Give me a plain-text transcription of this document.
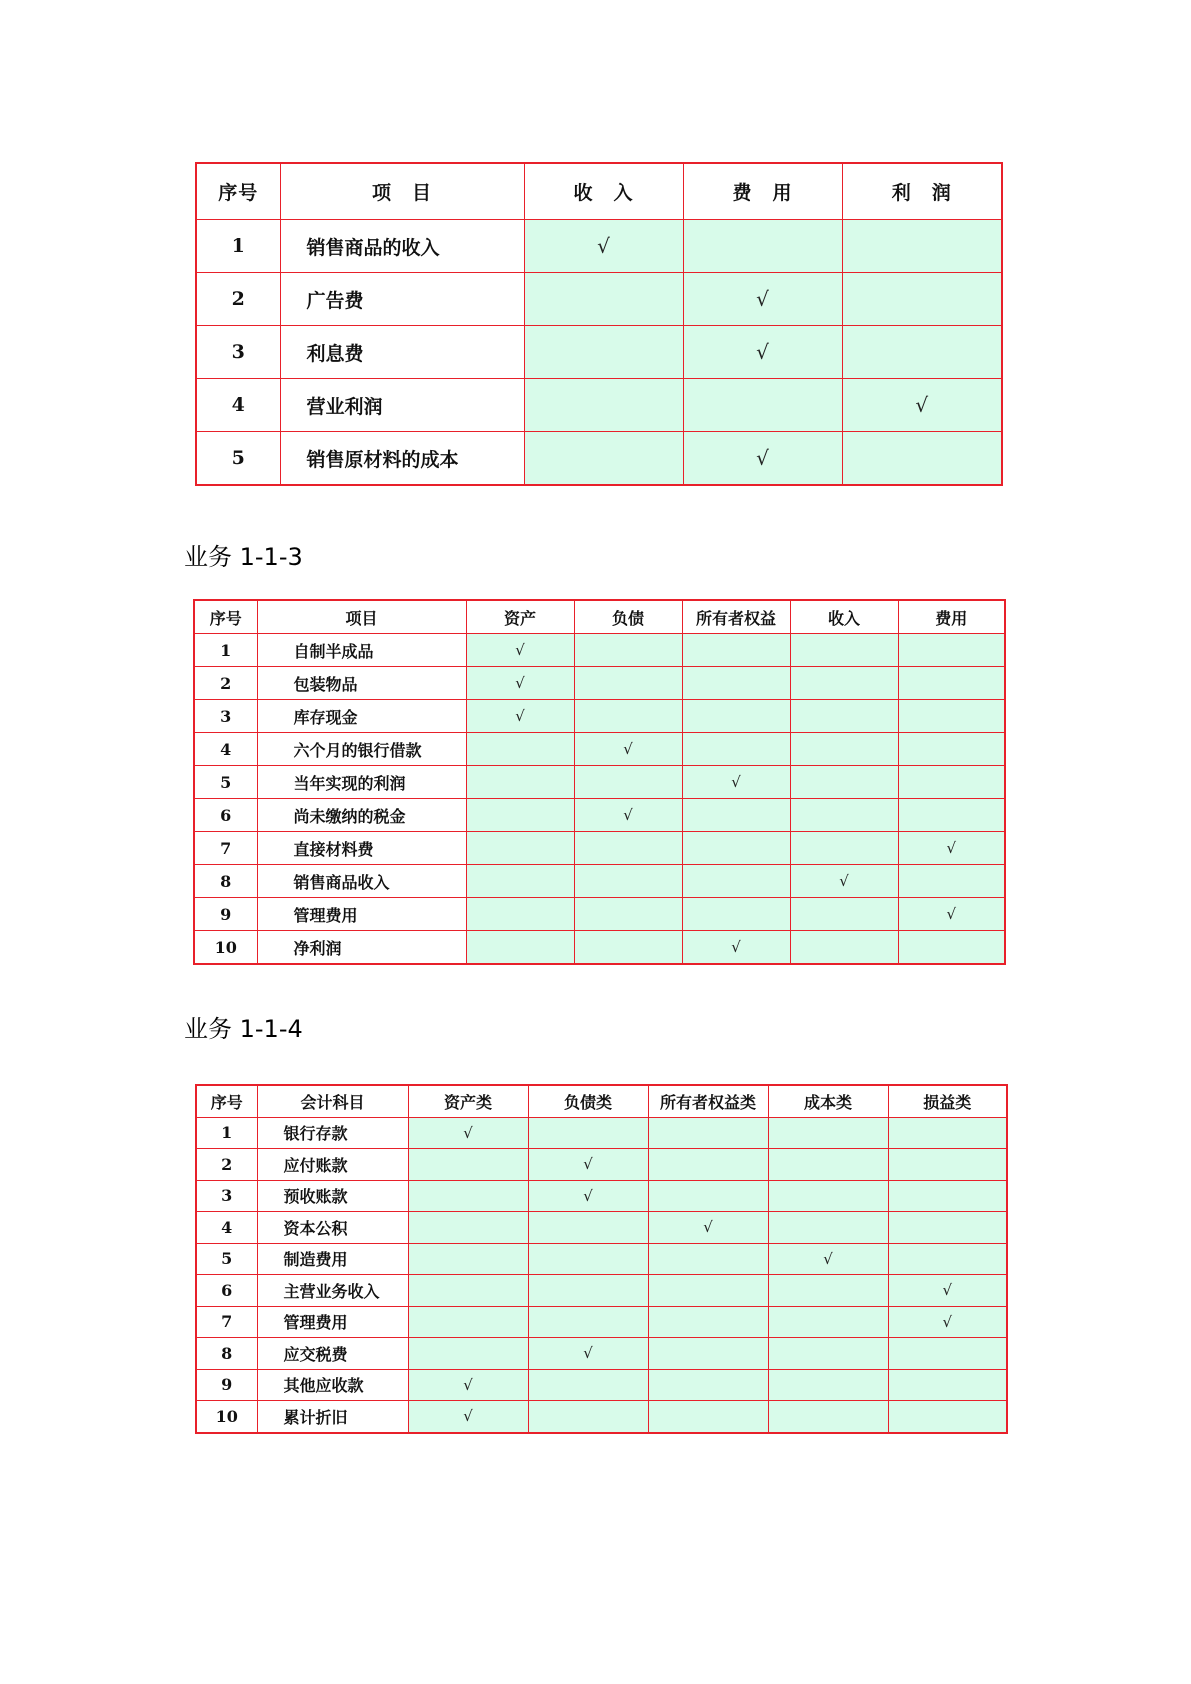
序号	项　目	收　入	费　用	利　润
1	销售商品的收入	√		
2	广告费		√	
3	利息费		√	
4	营业利润			√
5	销售原材料的成本		√	
业务 1-1-3
序号	项目	资产	负债	所有者权益	收入	费用
1	自制半成品	√				
2	包装物品	√				
3	库存现金	√				
4	六个月的银行借款		√			
5	当年实现的利润			√		
6	尚未缴纳的税金		√			
7	直接材料费					√
8	销售商品收入				√	
9	管理费用					√
10	净利润			√		
业务 1-1-4
序号	会计科目	资产类	负债类	所有者权益类	成本类	损益类
1	银行存款	√				
2	应付账款		√			
3	预收账款		√			
4	资本公积			√		
5	制造费用				√	
6	主营业务收入					√
7	管理费用					√
8	应交税费		√			
9	其他应收款	√				
10	累计折旧	√				
